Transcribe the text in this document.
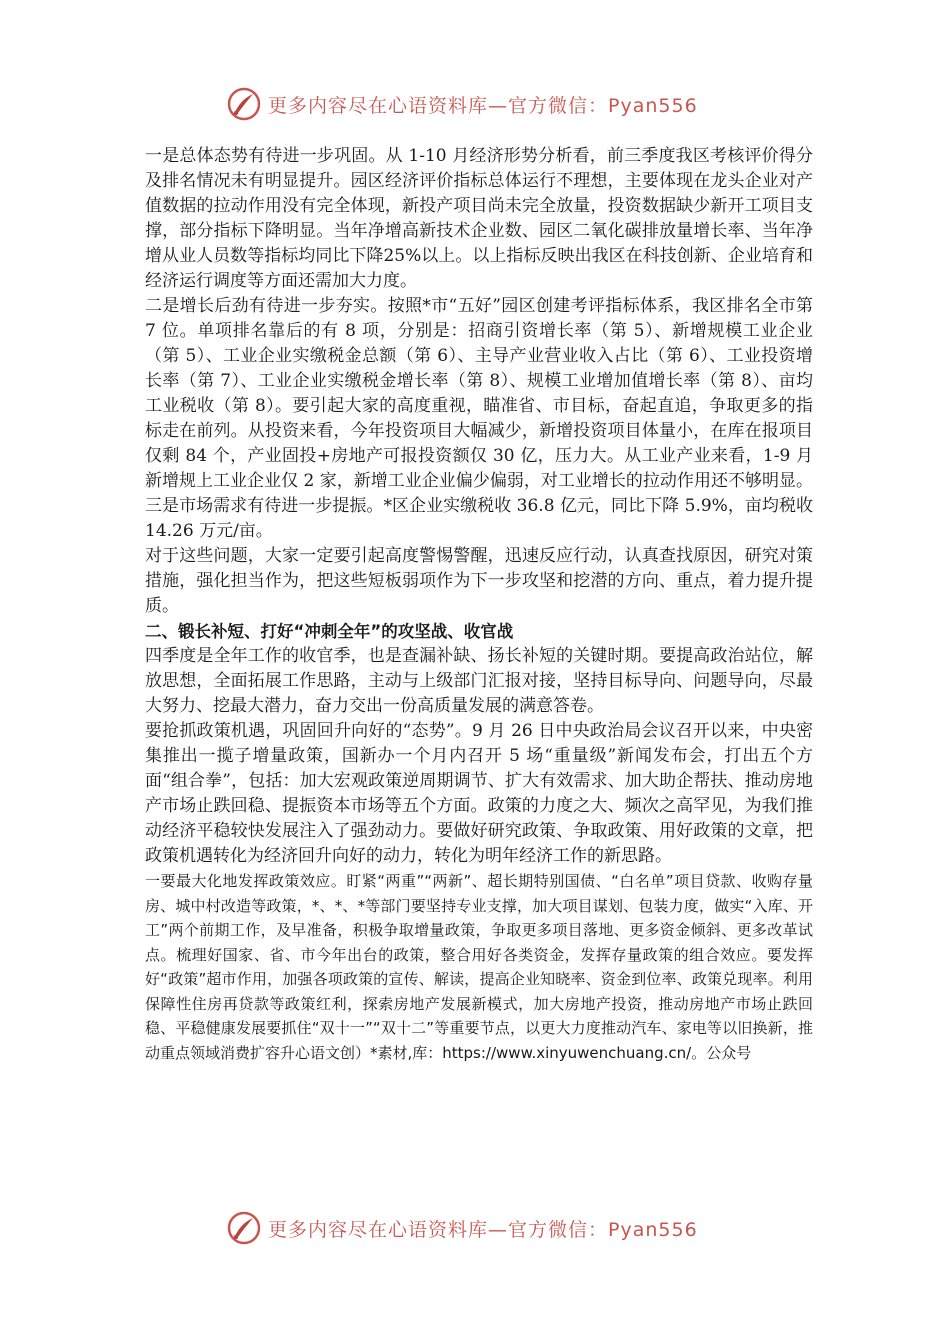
更多内容尽在心语资料库—官方微信：Pyan556

一是总体态势有待进一步巩固。从 1-10 月经济形势分析看，前三季度我区考核评价得分及排名情况未有明显提升。园区经济评价指标总体运行不理想，主要体现在龙头企业对产值数据的拉动作用没有完全体现，新投产项目尚未完全放量，投资数据缺少新开工项目支撑，部分指标下降明显。当年净增高新技术企业数、园区二氧化碳排放量增长率、当年净增从业人员数等指标均同比下降25%以上。以上指标反映出我区在科技创新、企业培育和经济运行调度等方面还需加大力度。

二是增长后劲有待进一步夯实。按照*市“五好”园区创建考评指标体系，我区排名全市第 7 位。单项排名靠后的有 8 项，分别是：招商引资增长率（第 5）、新增规模工业企业（第 5）、工业企业实缴税金总额（第 6）、主导产业营业收入占比（第 6）、工业投资增长率（第 7）、工业企业实缴税金增长率（第 8）、规模工业增加值增长率（第 8）、亩均工业税收（第 8）。要引起大家的高度重视，瞄准省、市目标，奋起直追，争取更多的指标走在前列。从投资来看，今年投资项目大幅减少，新增投资项目体量小，在库在报项目仅剩 84 个，产业固投+房地产可报投资额仅 30 亿，压力大。从工业产业来看，1-9 月新增规上工业企业仅 2 家，新增工业企业偏少偏弱，对工业增长的拉动作用还不够明显。三是市场需求有待进一步提振。*区企业实缴税收 36.8 亿元，同比下降 5.9%，亩均税收 14.26 万元/亩。

对于这些问题，大家一定要引起高度警惕警醒，迅速反应行动，认真查找原因，研究对策措施，强化担当作为，把这些短板弱项作为下一步攻坚和挖潜的方向、重点，着力提升提质。

二、锻长补短、打好“冲刺全年”的攻坚战、收官战

四季度是全年工作的收官季，也是查漏补缺、扬长补短的关键时期。要提高政治站位，解放思想，全面拓展工作思路，主动与上级部门汇报对接，坚持目标导向、问题导向，尽最大努力、挖最大潜力，奋力交出一份高质量发展的满意答卷。

要抢抓政策机遇，巩固回升向好的“态势”。9 月 26 日中央政治局会议召开以来，中央密集推出一揽子增量政策，国新办一个月内召开 5 场“重量级”新闻发布会，打出五个方面“组合拳”，包括：加大宏观政策逆周期调节、扩大有效需求、加大助企帮扶、推动房地产市场止跌回稳、提振资本市场等五个方面。政策的力度之大、频次之高罕见，为我们推动经济平稳较快发展注入了强劲动力。要做好研究政策、争取政策、用好政策的文章，把政策机遇转化为经济回升向好的动力，转化为明年经济工作的新思路。

一要最大化地发挥政策效应。盯紧“两重”“两新”、超长期特别国债、“白名单”项目贷款、收购存量房、城中村改造等政策，*、*、*等部门要坚持专业支撑，加大项目谋划、包装力度，做实“入库、开工”两个前期工作，及早准备，积极争取增量政策，争取更多项目落地、更多资金倾斜、更多改革试点。梳理好国家、省、市今年出台的政策，整合用好各类资金，发挥存量政策的组合效应。要发挥好“政策”超市作用，加强各项政策的宣传、解读，提高企业知晓率、资金到位率、政策兑现率。利用保障性住房再贷款等政策红利，探索房地产发展新模式，加大房地产投资，推动房地产市场止跌回稳、平稳健康发展要抓住“双十一”“双十二”等重要节点，以更大力度推动汽车、家电等以旧换新，推动重点领域消费扩容升心语文创）*素材,库：https://www.xinyuwenchuang.cn/。公众号

更多内容尽在心语资料库—官方微信：Pyan556
